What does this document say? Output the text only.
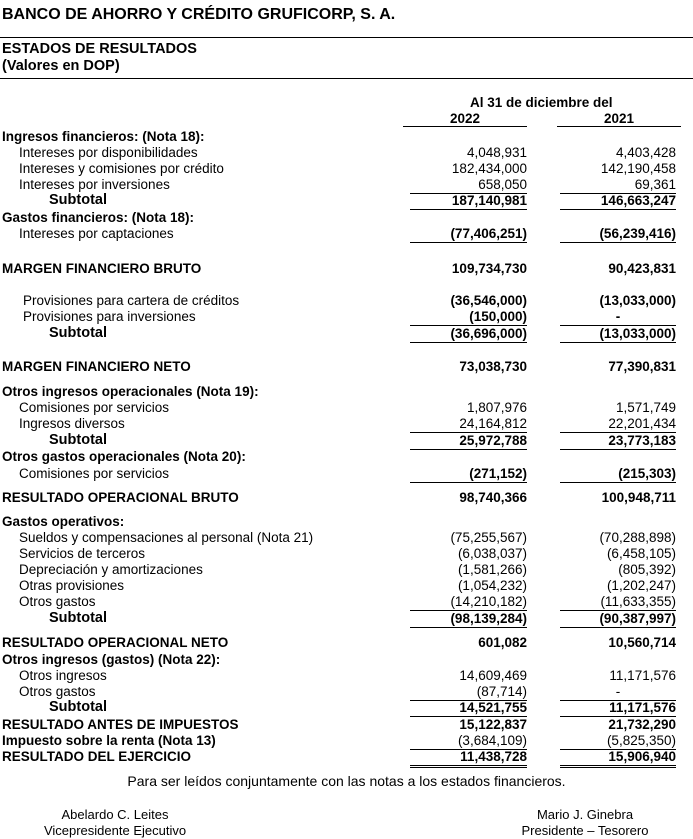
BANCO DE AHORRO Y CRÉDITO GRUFICORP, S. A.
ESTADOS DE RESULTADOS
(Valores en DOP)
Al 31 de diciembre del
2022	2021
Ingresos financieros: (Nota 18):
Intereses por disponibilidades	4,048,931	4,403,428
Intereses y comisiones por crédito	182,434,000	142,190,458
Intereses por inversiones	658,050	69,361
Subtotal	187,140,981	146,663,247
Gastos financieros: (Nota 18):
Intereses por captaciones	(77,406,251)	(56,239,416)
MARGEN FINANCIERO BRUTO	109,734,730	90,423,831
Provisiones para cartera de créditos	(36,546,000)	(13,033,000)
Provisiones para inversiones	(150,000)	-
Subtotal	(36,696,000)	(13,033,000)
MARGEN FINANCIERO NETO	73,038,730	77,390,831
Otros ingresos operacionales (Nota 19):
Comisiones por servicios	1,807,976	1,571,749
Ingresos diversos	24,164,812	22,201,434
Subtotal	25,972,788	23,773,183
Otros gastos operacionales (Nota 20):
Comisiones por servicios	(271,152)	(215,303)
RESULTADO OPERACIONAL BRUTO	98,740,366	100,948,711
Gastos operativos:
Sueldos y compensaciones al personal (Nota 21)	(75,255,567)	(70,288,898)
Servicios de terceros	(6,038,037)	(6,458,105)
Depreciación y amortizaciones	(1,581,266)	(805,392)
Otras provisiones	(1,054,232)	(1,202,247)
Otros gastos	(14,210,182)	(11,633,355)
Subtotal	(98,139,284)	(90,387,997)
RESULTADO OPERACIONAL NETO	601,082	10,560,714
Otros ingresos (gastos) (Nota 22):
Otros ingresos	14,609,469	11,171,576
Otros gastos	(87,714)	-
Subtotal	14,521,755	11,171,576
RESULTADO ANTES DE IMPUESTOS	15,122,837	21,732,290
Impuesto sobre la renta (Nota 13)	(3,684,109)	(5,825,350)
RESULTADO DEL EJERCICIO	11,438,728	15,906,940
Para ser leídos conjuntamente con las notas a los estados financieros.
Abelardo C. Leites
Vicepresidente Ejecutivo
Mario J. Ginebra
Presidente – Tesorero
